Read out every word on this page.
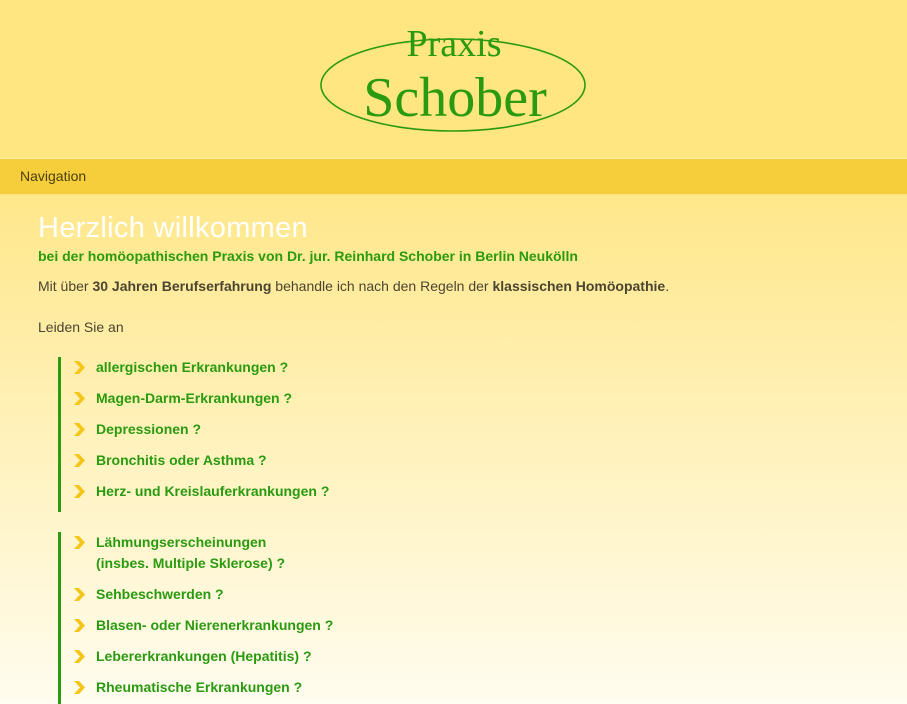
Praxis
Schober
Navigation
Herzlich willkommen

bei der homöopathischen Praxis von Dr. jur. Reinhard Schober in Berlin Neukölln

Mit über 30 Jahren Berufserfahrung behandle ich nach den Regeln der klassischen Homöopathie.

Leiden Sie an

allergischen Erkrankungen ?
Magen-Darm-Erkrankungen ?
Depressionen ?
Bronchitis oder Asthma ?
Herz- und Kreislauferkrankungen ?
Lähmungserscheinungen
(insbes. Multiple Sklerose) ?
Sehbeschwerden ?
Blasen- oder Nierenerkrankungen ?
Lebererkrankungen (Hepatitis) ?
Rheumatische Erkrankungen ?
